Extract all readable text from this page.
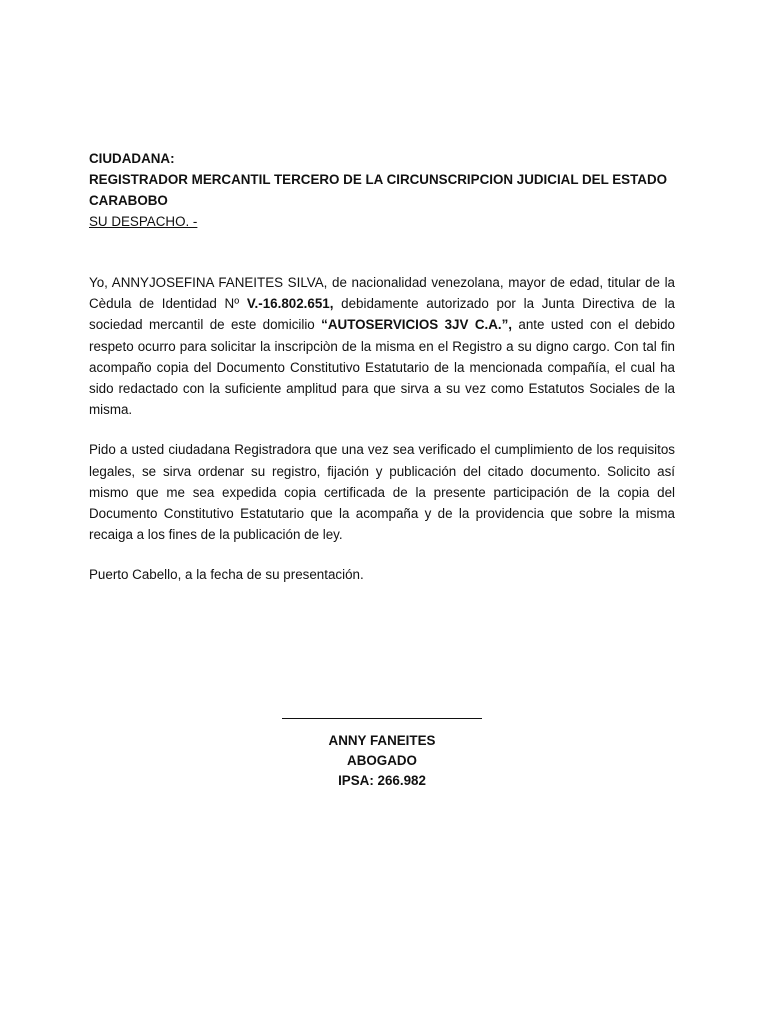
CIUDADANA:

REGISTRADOR MERCANTIL TERCERO DE LA CIRCUNSCRIPCION JUDICIAL DEL ESTADO CARABOBO

SU DESPACHO. -

Yo, ANNYJOSEFINA FANEITES SILVA, de nacionalidad venezolana, mayor de edad, titular de la Cèdula de Identidad Nº V.-16.802.651, debidamente autorizado por la Junta Directiva de la sociedad mercantil de este domicilio “AUTOSERVICIOS 3JV C.A.”, ante usted con el debido respeto ocurro para solicitar la inscripciòn de la misma en el Registro a su digno cargo. Con tal fin acompaño copia del Documento Constitutivo Estatutario de la mencionada compañía, el cual ha sido redactado con la suficiente amplitud para que sirva a su vez como Estatutos Sociales de la misma.

Pido a usted ciudadana Registradora que una vez sea verificado el cumplimiento de los requisitos legales, se sirva ordenar su registro, fijación y publicación del citado documento. Solicito así mismo que me sea expedida copia certificada de la presente participación de la copia del Documento Constitutivo Estatutario que la acompaña y de la providencia que sobre la misma recaiga a los fines de la publicación de ley.

Puerto Cabello, a la fecha de su presentación.

ANNY FANEITES

ABOGADO

IPSA: 266.982
